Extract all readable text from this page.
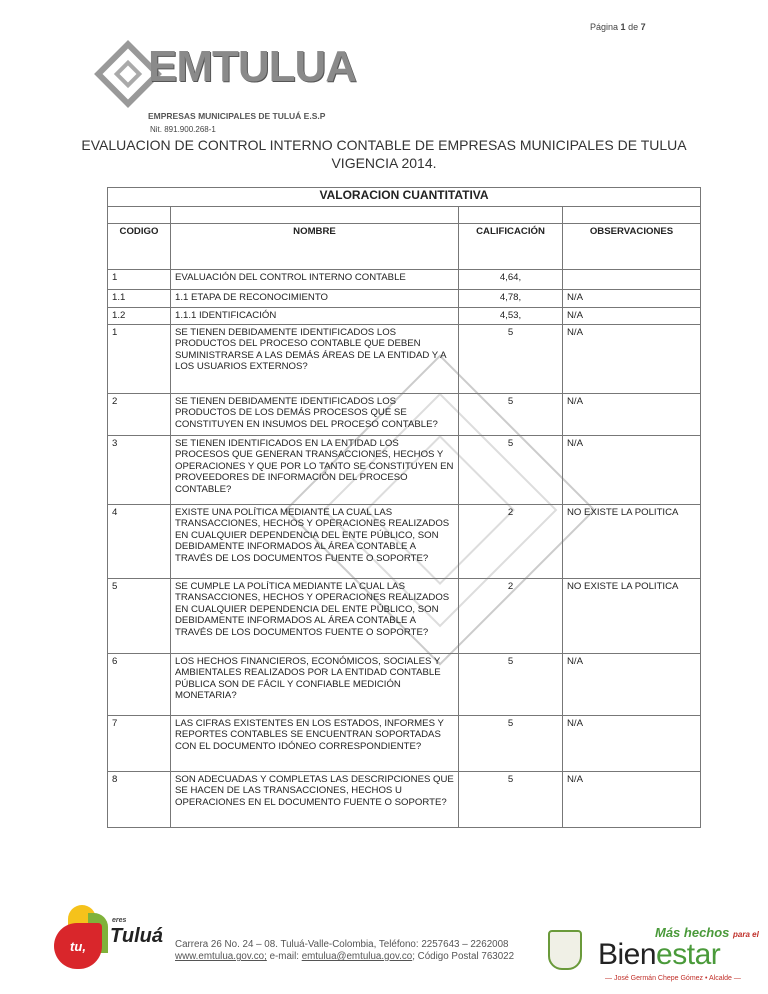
Página 1 de 7
EMTULUA
EMPRESAS MUNICIPALES DE TULUÁ E.S.P
Nit. 891.900.268-1
EVALUACION DE CONTROL INTERNO CONTABLE DE EMPRESAS MUNICIPALES DE TULUA
VIGENCIA 2014.
VALORACION CUANTITATIVA			

CODIGO	NOMBRE	CALIFICACIÓN	OBSERVACIONES
1	EVALUACIÓN DEL CONTROL INTERNO CONTABLE	4,64,	
1.1	1.1 ETAPA DE RECONOCIMIENTO	4,78,	N/A
1.2	1.1.1 IDENTIFICACIÓN	4,53,	N/A
1	SE TIENEN DEBIDAMENTE IDENTIFICADOS LOS PRODUCTOS DEL PROCESO CONTABLE QUE DEBEN SUMINISTRARSE A LAS DEMÁS ÁREAS DE LA ENTIDAD Y A LOS USUARIOS EXTERNOS?	5	N/A
2	SE TIENEN DEBIDAMENTE IDENTIFICADOS LOS PRODUCTOS DE LOS DEMÁS PROCESOS QUE SE CONSTITUYEN EN INSUMOS DEL PROCESO CONTABLE?	5	N/A
3	SE TIENEN IDENTIFICADOS EN LA ENTIDAD LOS PROCESOS QUE GENERAN TRANSACCIONES, HECHOS Y OPERACIONES Y QUE POR LO TANTO SE CONSTITUYEN EN PROVEEDORES DE INFORMACIÓN DEL PROCESO CONTABLE?	5	N/A
4	EXISTE UNA POLÍTICA MEDIANTE LA CUAL LAS TRANSACCIONES, HECHOS Y OPERACIONES REALIZADOS EN CUALQUIER DEPENDENCIA DEL ENTE PÚBLICO, SON DEBIDAMENTE INFORMADOS AL ÁREA CONTABLE A TRAVÉS DE LOS DOCUMENTOS FUENTE O SOPORTE?	2	NO EXISTE LA POLITICA
5	SE CUMPLE LA POLÍTICA MEDIANTE LA CUAL LAS TRANSACCIONES, HECHOS Y OPERACIONES REALIZADOS EN CUALQUIER DEPENDENCIA DEL ENTE PÚBLICO, SON DEBIDAMENTE INFORMADOS AL ÁREA CONTABLE A TRAVÉS DE LOS DOCUMENTOS FUENTE O SOPORTE?	2	NO EXISTE LA POLITICA
6	LOS HECHOS FINANCIEROS, ECONÓMICOS, SOCIALES Y AMBIENTALES REALIZADOS POR LA ENTIDAD CONTABLE PÚBLICA SON DE FÁCIL Y CONFIABLE MEDICIÓN MONETARIA?	5	N/A
7	LAS CIFRAS EXISTENTES EN LOS ESTADOS, INFORMES Y REPORTES CONTABLES SE ENCUENTRAN SOPORTADAS CON EL DOCUMENTO IDÓNEO CORRESPONDIENTE?	5	N/A
8	SON ADECUADAS Y COMPLETAS LAS DESCRIPCIONES QUE SE HACEN DE LAS TRANSACCIONES, HECHOS U OPERACIONES EN EL DOCUMENTO FUENTE O SOPORTE?	5	N/A
tu,
eres
Tuluá Carrera 26 No. 24 – 08. Tuluá-Valle-Colombia, Teléfono: 2257643 – 2262008
www.emtulua.gov.co; e-mail: emtulua@emtulua.gov.co; Código Postal 763022
Más hechos para el
Bienestar
— José Germán Chepe Gómez • Alcalde —
